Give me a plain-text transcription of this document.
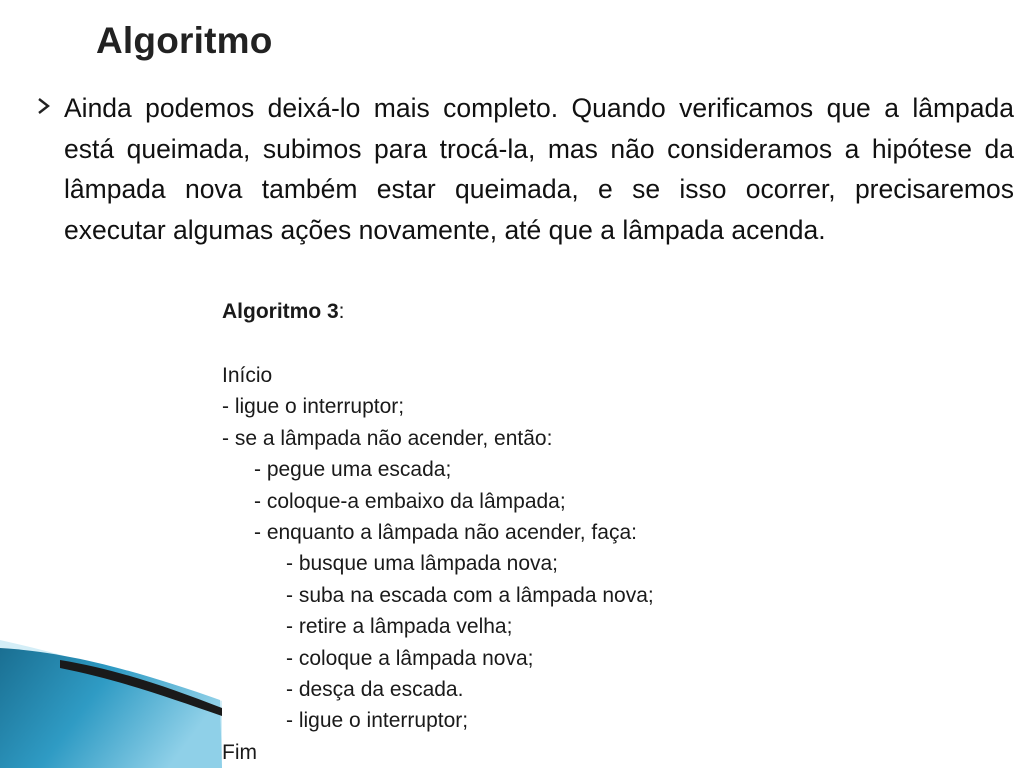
Algoritmo

Ainda podemos deixá-lo mais completo. Quando verificamos que a lâmpada está queimada, subimos para trocá-la, mas não consideramos a hipótese da lâmpada nova também estar queimada, e se isso ocorrer, precisaremos executar algumas ações novamente, até que a lâmpada acenda.

Algoritmo 3:
Início
- ligue o interruptor;
- se a lâmpada não acender, então:
- pegue uma escada;
- coloque-a embaixo da lâmpada;
- enquanto a lâmpada não acender, faça:
- busque uma lâmpada nova;
- suba na escada com a lâmpada nova;
- retire a lâmpada velha;
- coloque a lâmpada nova;
- desça da escada.
- ligue o interruptor;
Fim
